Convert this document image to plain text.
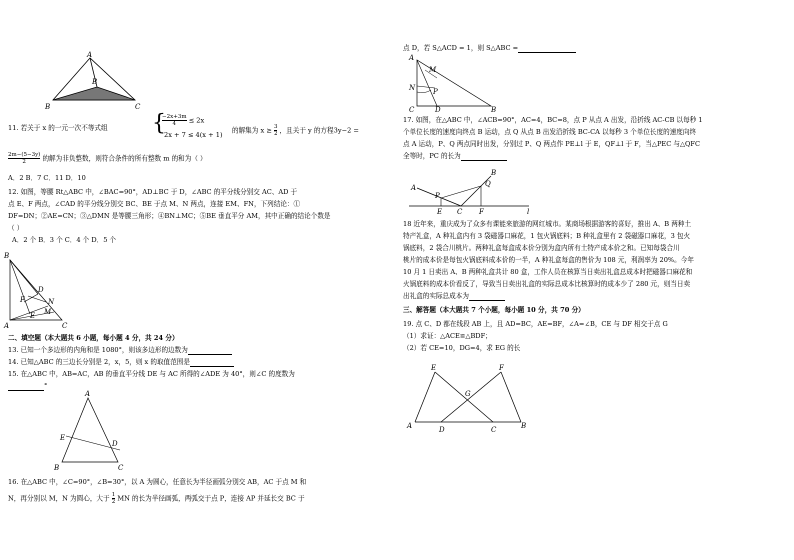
A
B
B	C
11. 若关于 x 的一元一次不等式组 {
$\frac{-2x+3m}{4} \le 2x$
2x + 7 ≤ 4(x + 1)
的解集为 $x \ge \frac{3}{2}$ ，且关于 y 的方程3y−2 =
$\frac{2m-(5-3y)}{2}$ 的解为非负整数，则符合条件的所有整数 m 的和为（ ）
A．2 B．7 C．11 D．10
12. 如图，等腰 Rt△ABC 中，∠BAC=90°，AD⊥BC 于 D，∠ABC 的平分线分别交 AC、AD 于
点 E、F 两点，∠CAD 的平分线分别交 BC、BE 于点 M、N 两点，连接 EM、FN，下列结论：①
DF=DN；②AE=CN；③△DMN 是等腰三角形；④BN⊥MC；⑤BE 垂直平分 AM，其中正确的结论个数是
（ ）
A．2 个 B．3 个 C．4 个 D．5 个
B
A	C
D
E
F	N
M
二、填空题（本大题共 6 小题，每小题 4 分，共 24 分）
13. 已知一个多边形的内角和是 1080°，则该多边形的边数为
14. 已知△ABC 的三边长分别是 2，x，5，则 x 的取值范围是
15. 在△ABC 中，AB=AC，AB 的垂直平分线 DE 与 AC 所得的∠ADE 为 40°，则∠C 的度数为
°
A
E
D
B	C
16. 在△ABC 中，∠C=90°，∠B=30°，以 A 为圆心，任意长为半径画弧分别交 AB，AC 于点 M 和
N，再分别以 M，N 为圆心，大于 $\frac{1}{2}$ MN 的长为半径画弧，两弧交于点 P，连接 AP 并延长交 BC 于
点 D，若 S△ACD = 1，则 S△ABC =
A
M
N	P
C	D	B
17. 如图，在△ABC 中，∠ACB=90°，AC=4，BC=8，点 P 从点 A 出发，沿折线 AC-CB 以每秒 1
个单位长度的速度向终点 B 运动，点 Q 从点 B 出发沿折线 BC-CA 以每秒 3 个单位长度的速度向终
点 A 运动，P、Q 两点同时出发，分别过 P、Q 两点作 PE⊥l 于 E，QF⊥l 于 F，当△PEC 与△QFC
全等时，PC 的长为
A
P
Q
B
E C F	l
18 近年来，重庆成为了众多有课能来旅游的网红城市。某商场根据游客的喜好，推出 A、B 两种土
特产礼盒，A 种礼盒内有 3 袋磁器口麻花，1 包火锅底料；B 种礼盒里有 2 袋磁器口麻花，3 包火
锅底料，2 袋合川桃片。两种礼盒每盒成本价分别为盒内所有土特产成本价之和。已知每袋合川
桃片的成本价是每包火锅底料成本价的一半，A 种礼盒每盒的售价为 108 元，利润率为 20%。今年
10 月 1 日卖出 A、B 两种礼盒共计 80 盒，工作人员在核算当日卖出礼盒总成本时把磁器口麻花和
火锅底料的成本价看反了，导致当日卖出礼盒的实际总成本比核算时的成本少了 280 元，则当日卖
出礼盒的实际总成本为
三、解答题（本大题共 7 个小题，每小题 10 分，共 70 分）
19. 点 C、D 都在线段 AB 上，且 AD=BC，AE=BF，∠A=∠B，CE 与 DF 相交于点 G
（1）求证：△ACE≌△BDF；
（2）若 CE=10，DG=4，求 EG 的长
E	F
G
A	D	C	B
